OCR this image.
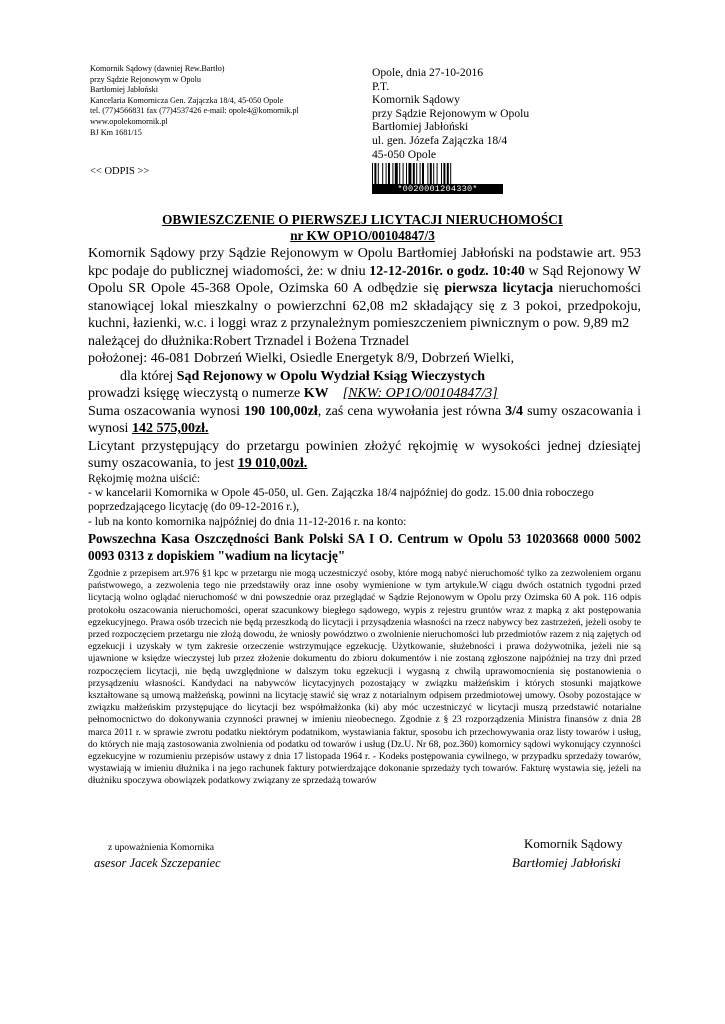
Komornik Sądowy (dawniej Rew.Bartło)
przy Sądzie Rejonowym w Opolu
Bartłomiej Jabłoński
Kancelaria Komornicza Gen. Zajączka 18/4, 45-050 Opole
tel. (77)4566831 fax (77)4537426 e-mail: opole4@komornik.pl
www.opolekomornik.pl
BJ Km 1681/15
<< ODPIS >>
Opole, dnia 27-10-2016
P.T.
Komornik Sądowy
przy Sądzie Rejonowym w Opolu
Bartłomiej Jabłoński
ul. gen. Józefa Zajączka 18/4
45-050 Opole
*0020001204330*
OBWIESZCZENIE O PIERWSZEJ LICYTACJI NIERUCHOMOŚCI
nr KW OP1O/00104847/3

Komornik Sądowy przy Sądzie Rejonowym w Opolu Bartłomiej Jabłoński na podstawie art. 953 kpc podaje do publicznej wiadomości, że: w dniu 12-12-2016r. o godz. 10:40 w Sąd Rejonowy W Opolu SR Opole 45-368 Opole, Ozimska 60 A odbędzie się pierwsza licytacja nieruchomości stanowiącej lokal mieszkalny o powierzchni 62,08 m2 składający się z 3 pokoi, przedpokoju, kuchni, łazienki, w.c. i loggi wraz z przynależnym pomieszczeniem piwnicznym o pow. 9,89 m2

należącej do dłużnika:Robert Trznadel i Bożena Trznadel

położonej: 46-081 Dobrzeń Wielki, Osiedle Energetyk 8/9, Dobrzeń Wielki,

dla której Sąd Rejonowy w Opolu Wydział Ksiąg Wieczystych

prowadzi księgę wieczystą o numerze KW [NKW: OP1O/00104847/3]

Suma oszacowania wynosi 190 100,00zł, zaś cena wywołania jest równa 3/4 sumy oszacowania i wynosi 142 575,00zł.

Licytant przystępujący do przetargu powinien złożyć rękojmię w wysokości jednej dziesiątej sumy oszacowania, to jest 19 010,00zł.

Rękojmię można uiścić:
- w kancelarii Komornika w Opole 45-050, ul. Gen. Zajączka 18/4 najpóźniej do godz. 15.00 dnia roboczego poprzedzającego licytację (do 09-12-2016 r.),
- lub na konto komornika najpóźniej do dnia 11-12-2016 r. na konto:
Powszechna Kasa Oszczędności Bank Polski SA I O. Centrum w Opolu 53 10203668 0000 5002 0093 0313 z dopiskiem "wadium na licytację"
Zgodnie z przepisem art.976 §1 kpc w przetargu nie mogą uczestniczyć osoby, które mogą nabyć nieruchomość tylko za zezwoleniem organu państwowego, a zezwolenia tego nie przedstawiły oraz inne osoby wymienione w tym artykule.W ciągu dwóch ostatnich tygodni przed licytacją wolno oglądać nieruchomość w dni powszednie oraz przeglądać w Sądzie Rejonowym w Opolu przy Ozimska 60 A pok. 116 odpis protokołu oszacowania nieruchomości, operat szacunkowy biegłego sądowego, wypis z rejestru gruntów wraz z mapką z akt postępowania egzekucyjnego. Prawa osób trzecich nie będą przeszkodą do licytacji i przysądzenia własności na rzecz nabywcy bez zastrzeżeń, jeżeli osoby te przed rozpoczęciem przetargu nie złożą dowodu, że wniosły powództwo o zwolnienie nieruchomości lub przedmiotów razem z nią zajętych od egzekucji i uzyskały w tym zakresie orzeczenie wstrzymujące egzekucję. Użytkowanie, służebności i prawa dożywotnika, jeżeli nie są ujawnione w księdze wieczystej lub przez złożenie dokumentu do zbioru dokumentów i nie zostaną zgłoszone najpóźniej na trzy dni przed rozpoczęciem licytacji, nie będą uwzględnione w dalszym toku egzekucji i wygasną z chwilą uprawomocnienia się postanowienia o przysądzeniu własności. Kandydaci na nabywców licytacyjnych pozostający w związku małżeńskim i których stosunki majątkowe kształtowane są umową małżeńską, powinni na licytację stawić się wraz z notarialnym odpisem przedmiotowej umowy. Osoby pozostające w związku małżeńskim przystępujące do licytacji bez współmałżonka (ki) aby móc uczestniczyć w licytacji muszą przedstawić notarialne pełnomocnictwo do dokonywania czynności prawnej w imieniu nieobecnego. Zgodnie z § 23 rozporządzenia Ministra finansów z dnia 28 marca 2011 r. w sprawie zwrotu podatku niektórym podatnikom, wystawiania faktur, sposobu ich przechowywania oraz listy towarów i usług, do których nie mają zastosowania zwolnienia od podatku od towarów i usług (Dz.U. Nr 68, poz.360) komornicy sądowi wykonujący czynności egzekucyjne w rozumieniu przepisów ustawy z dnia 17 listopada 1964 r. - Kodeks postępowania cywilnego, w przypadku sprzedaży towarów, wystawiają w imieniu dłużnika i na jego rachunek faktury potwierdzające dokonanie sprzedaży tych towarów. Fakturę wystawia się, jeżeli na dłużniku spoczywa obowiązek podatkowy związany ze sprzedażą towarów
z upoważnienia Komornika
asesor Jacek Szczepaniec
Komornik Sądowy
Bartłomiej Jabłoński
